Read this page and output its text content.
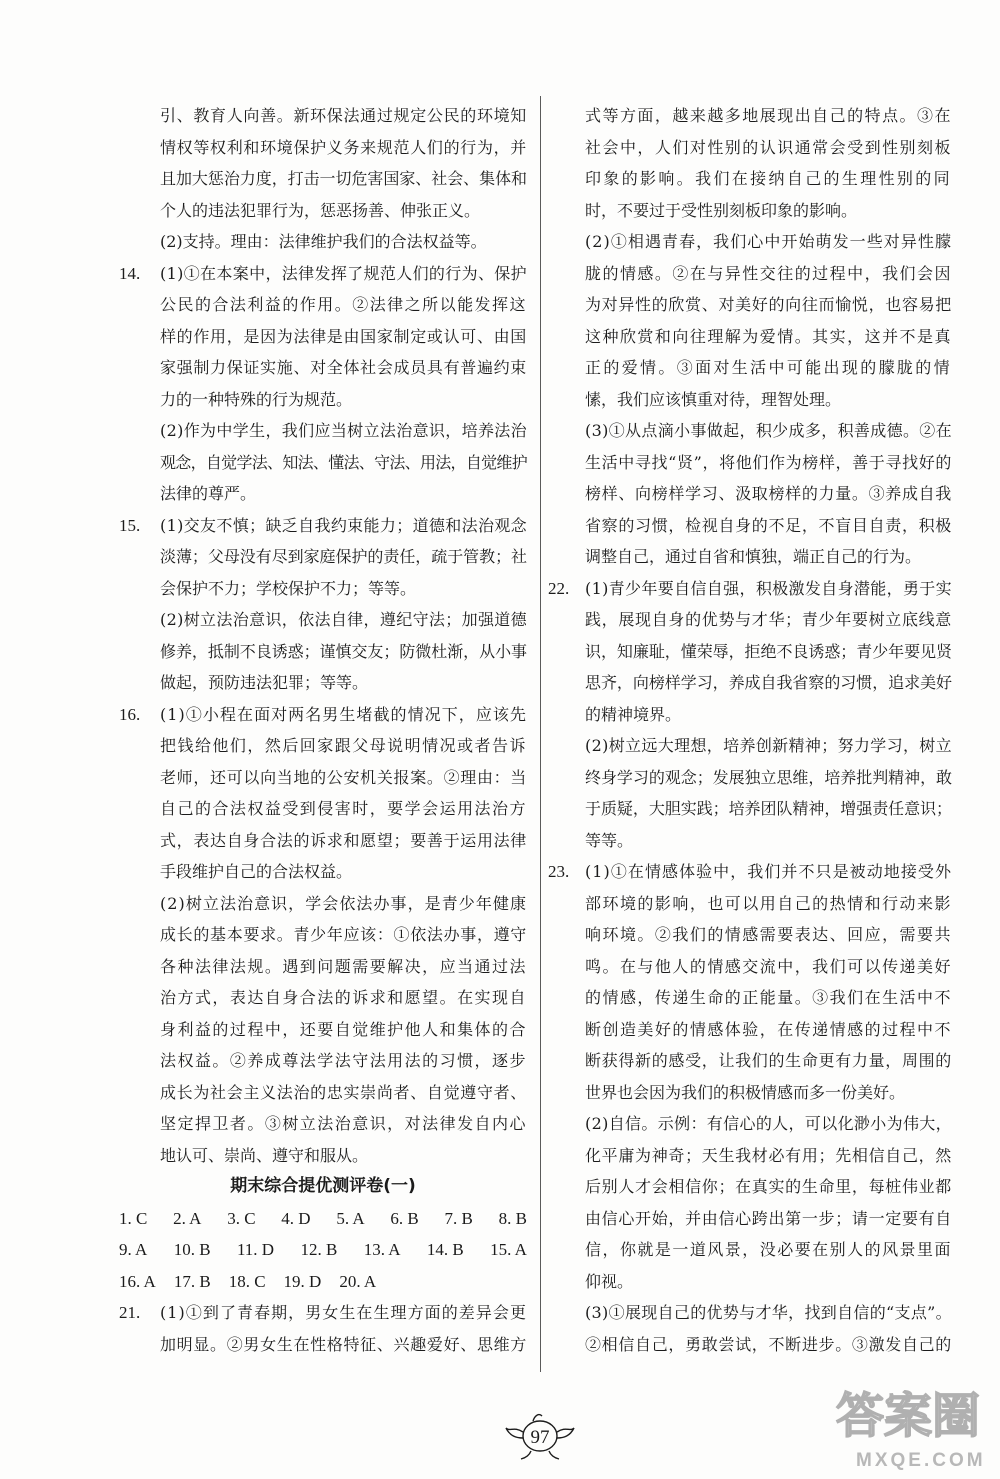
引、教育人向善。新环保法通过规定公民的环境知
情权等权利和环境保护义务来规范人们的行为，并
且加大惩治力度，打击一切危害国家、社会、集体和
个人的违法犯罪行为，惩恶扬善、伸张正义。
(2)支持。理由：法律维护我们的合法权益等。
14.	(1)①在本案中，法律发挥了规范人们的行为、保护
公民的合法利益的作用。②法律之所以能发挥这
样的作用，是因为法律是由国家制定或认可、由国
家强制力保证实施、对全体社会成员具有普遍约束
力的一种特殊的行为规范。
(2)作为中学生，我们应当树立法治意识，培养法治
观念，自觉学法、知法、懂法、守法、用法，自觉维护
法律的尊严。
15.	(1)交友不慎；缺乏自我约束能力；道德和法治观念
淡薄；父母没有尽到家庭保护的责任，疏于管教；社
会保护不力；学校保护不力；等等。
(2)树立法治意识，依法自律，遵纪守法；加强道德
修养，抵制不良诱惑；谨慎交友；防微杜渐，从小事
做起，预防违法犯罪；等等。
16.	(1)①小程在面对两名男生堵截的情况下，应该先
把钱给他们，然后回家跟父母说明情况或者告诉
老师，还可以向当地的公安机关报案。②理由：当
自己的合法权益受到侵害时，要学会运用法治方
式，表达自身合法的诉求和愿望；要善于运用法律
手段维护自己的合法权益。
(2)树立法治意识，学会依法办事，是青少年健康
成长的基本要求。青少年应该：①依法办事，遵守
各种法律法规。遇到问题需要解决，应当通过法
治方式，表达自身合法的诉求和愿望。在实现自
身利益的过程中，还要自觉维护他人和集体的合
法权益。②养成尊法学法守法用法的习惯，逐步
成长为社会主义法治的忠实崇尚者、自觉遵守者、
坚定捍卫者。③树立法治意识，对法律发自内心
地认可、崇尚、遵守和服从。
期末综合提优测评卷(一)
1. C 2. A 3. C 4. D 5. A 6. B 7. B 8. B
9. A 10. B 11. D 12. B 13. A 14. B 15. A
16. A 17. B 18. C 19. D 20. A
21.	(1)①到了青春期，男女生在生理方面的差异会更
加明显。②男女生在性格特征、兴趣爱好、思维方
式等方面，越来越多地展现出自己的特点。③在
社会中，人们对性别的认识通常会受到性别刻板
印象的影响。我们在接纳自己的生理性别的同
时，不要过于受性别刻板印象的影响。
(2)①相遇青春，我们心中开始萌发一些对异性朦
胧的情感。②在与异性交往的过程中，我们会因
为对异性的欣赏、对美好的向往而愉悦，也容易把
这种欣赏和向往理解为爱情。其实，这并不是真
正的爱情。③面对生活中可能出现的朦胧的情
愫，我们应该慎重对待，理智处理。
(3)①从点滴小事做起，积少成多，积善成德。②在
生活中寻找“贤”，将他们作为榜样，善于寻找好的
榜样、向榜样学习、汲取榜样的力量。③养成自我
省察的习惯，检视自身的不足，不盲目自责，积极
调整自己，通过自省和慎独，端正自己的行为。
22. (1)青少年要自信自强，积极激发自身潜能，勇于实
践，展现自身的优势与才华；青少年要树立底线意
识，知廉耻，懂荣辱，拒绝不良诱惑；青少年要见贤
思齐，向榜样学习，养成自我省察的习惯，追求美好
的精神境界。
(2)树立远大理想，培养创新精神；努力学习，树立
终身学习的观念；发展独立思维，培养批判精神，敢
于质疑，大胆实践；培养团队精神，增强责任意识；
等等。
23. (1)①在情感体验中，我们并不只是被动地接受外
部环境的影响，也可以用自己的热情和行动来影
响环境。②我们的情感需要表达、回应，需要共
鸣。在与他人的情感交流中，我们可以传递美好
的情感，传递生命的正能量。③我们在生活中不
断创造美好的情感体验，在传递情感的过程中不
断获得新的感受，让我们的生命更有力量，周围的
世界也会因为我们的积极情感而多一份美好。
(2)自信。示例：有信心的人，可以化渺小为伟大，
化平庸为神奇；天生我材必有用；先相信自己，然
后别人才会相信你；在真实的生命里，每桩伟业都
由信心开始，并由信心跨出第一步；请一定要有自
信，你就是一道风景，没必要在别人的风景里面
仰视。
(3)①展现自己的优势与才华，找到自信的“支点”。
②相信自己，勇敢尝试，不断进步。③激发自己的
97	答案圈
MXQE.COM
